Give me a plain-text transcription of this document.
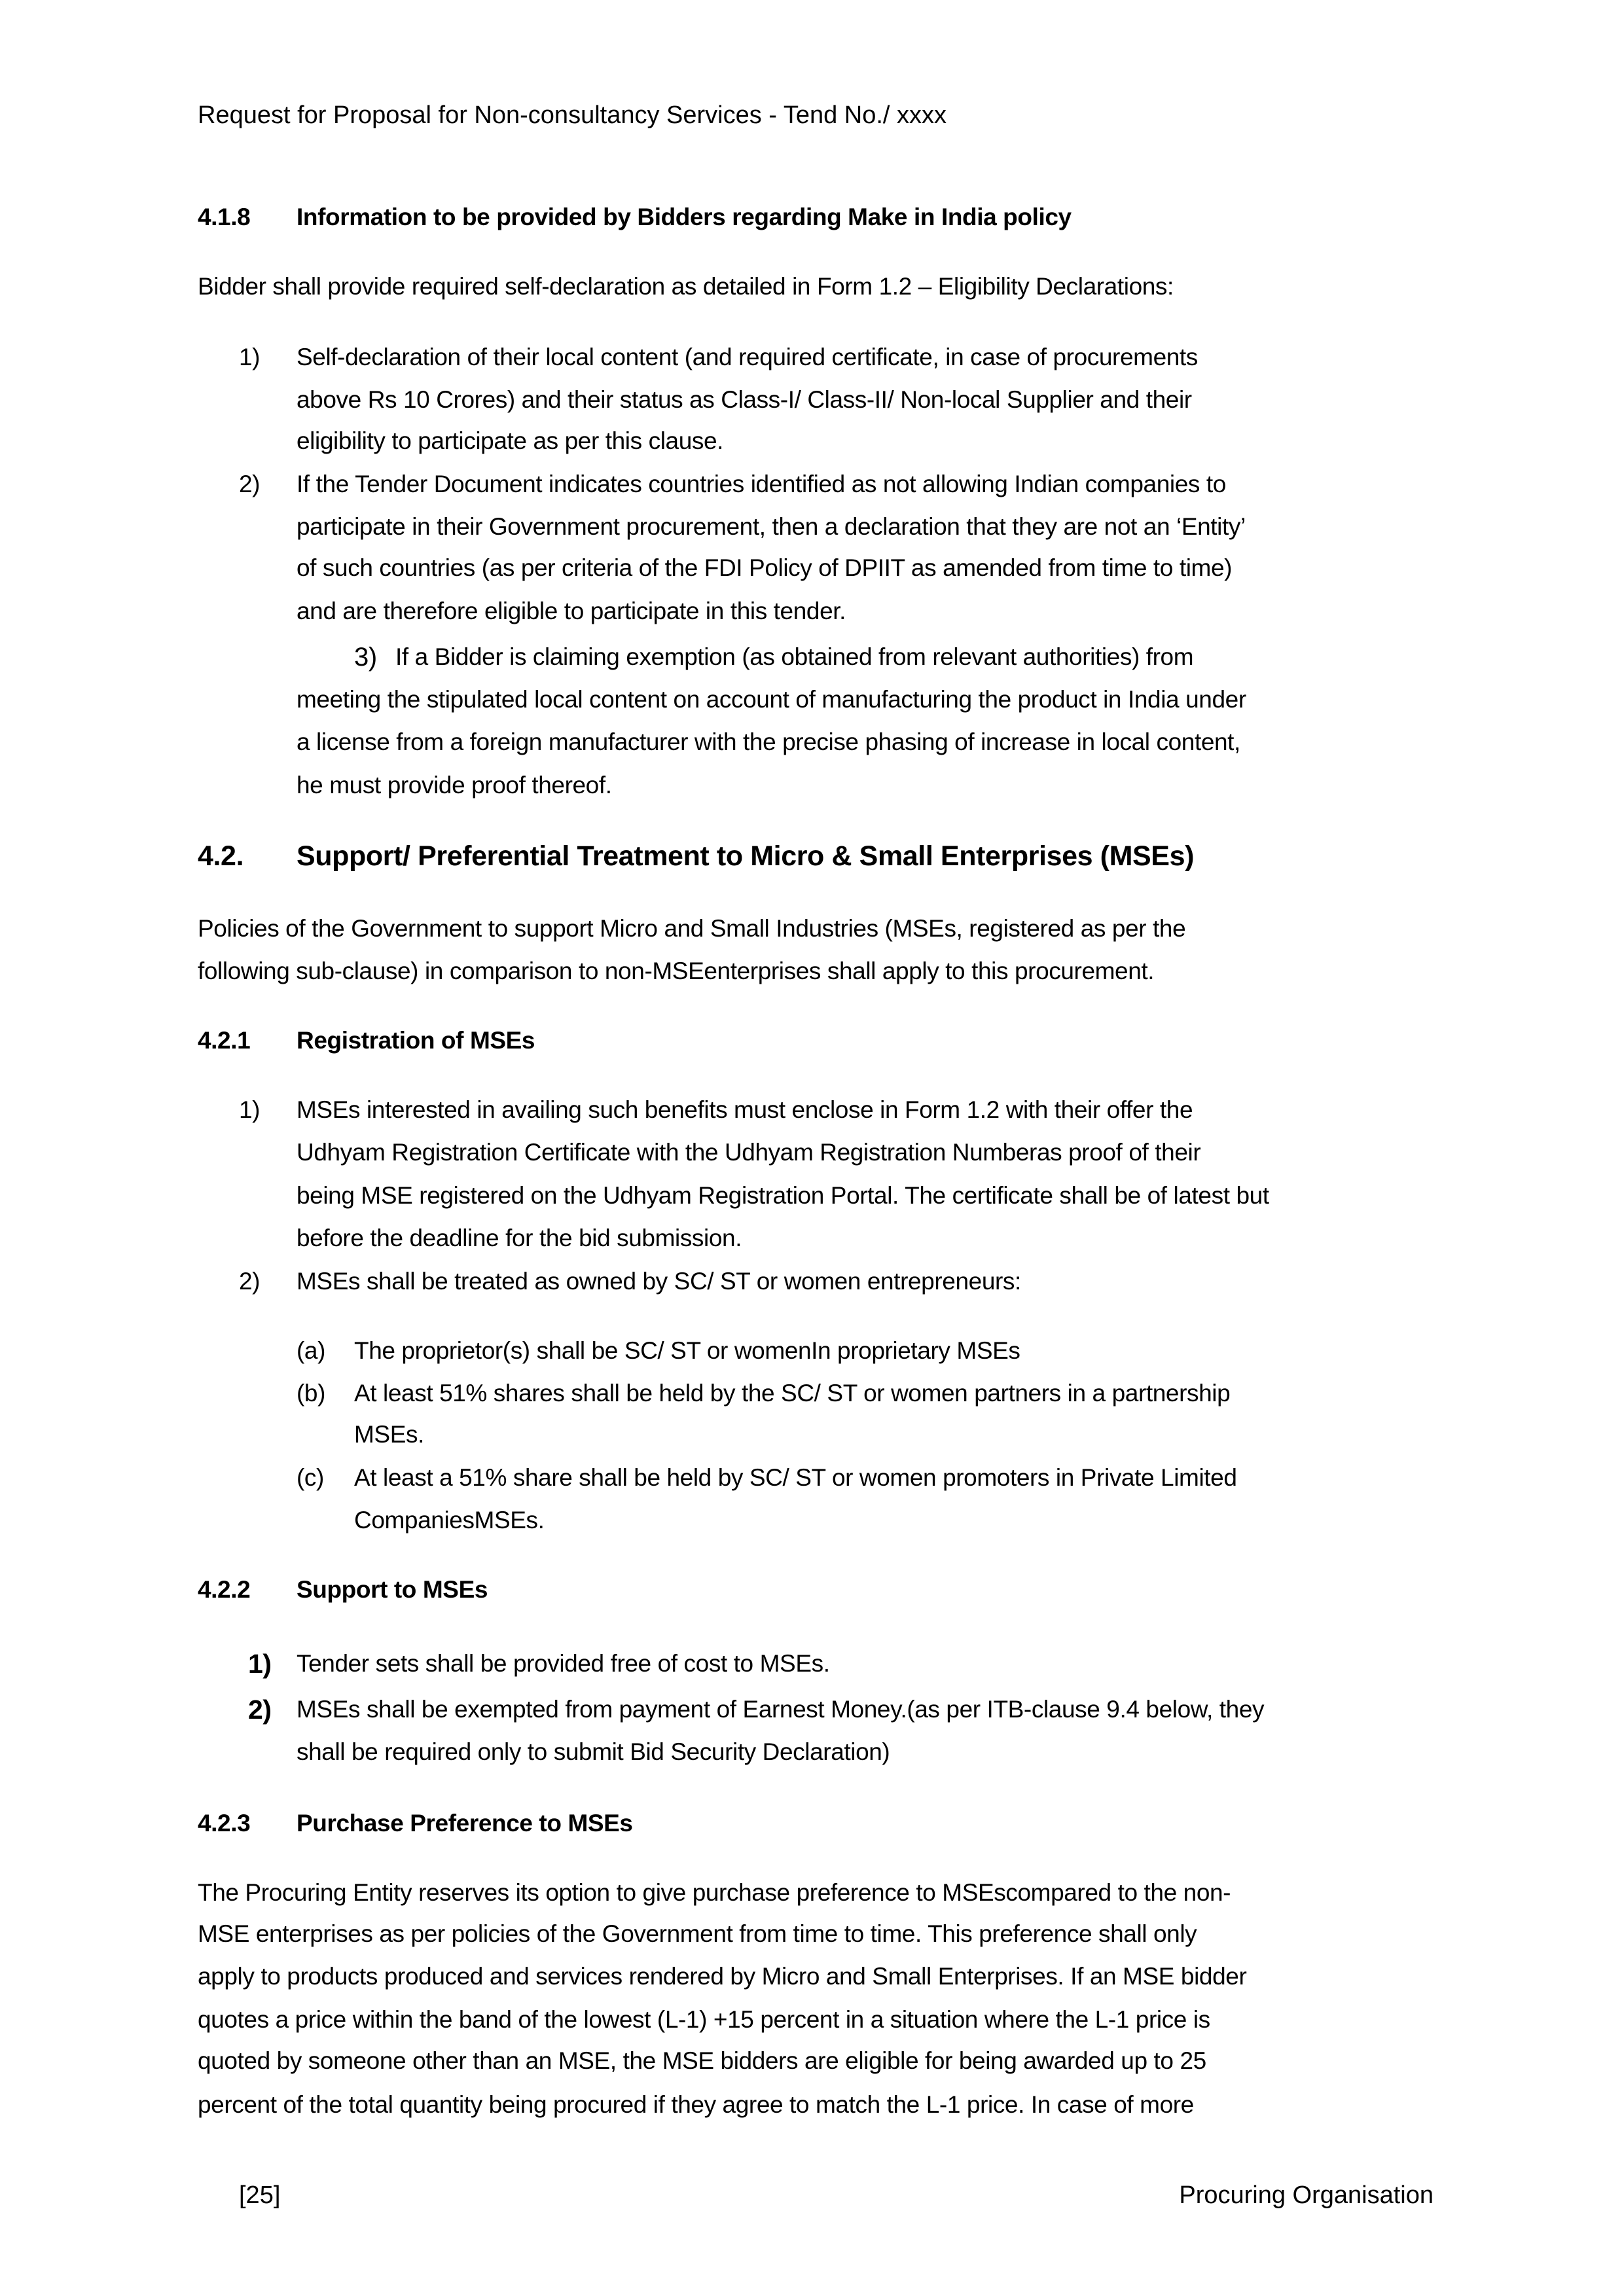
Request for Proposal for Non-consultancy Services - Tend No./ xxxx
4.1.8 Information to be provided by Bidders regarding Make in India policy
Bidder shall provide required self-declaration as detailed in Form 1.2 – Eligibility Declarations:
1) Self-declaration of their local content (and required certificate, in case of procurements
above Rs 10 Crores) and their status as Class-I/ Class-II/ Non-local Supplier and their
eligibility to participate as per this clause.
2) If the Tender Document indicates countries identified as not allowing Indian companies to
participate in their Government procurement, then a declaration that they are not an ‘Entity’
of such countries (as per criteria of the FDI Policy of DPIIT as amended from time to time)
and are therefore eligible to participate in this tender.
3) If a Bidder is claiming exemption (as obtained from relevant authorities) from
meeting the stipulated local content on account of manufacturing the product in India under
a license from a foreign manufacturer with the precise phasing of increase in local content,
he must provide proof thereof.
4.2. Support/ Preferential Treatment to Micro & Small Enterprises (MSEs)
Policies of the Government to support Micro and Small Industries (MSEs, registered as per the
following sub-clause) in comparison to non-MSEenterprises shall apply to this procurement.
4.2.1 Registration of MSEs
1) MSEs interested in availing such benefits must enclose in Form 1.2 with their offer the
Udhyam Registration Certificate with the Udhyam Registration Numberas proof of their
being MSE registered on the Udhyam Registration Portal. The certificate shall be of latest but
before the deadline for the bid submission.
2) MSEs shall be treated as owned by SC/ ST or women entrepreneurs:
(a) The proprietor(s) shall be SC/ ST or womenIn proprietary MSEs
(b) At least 51% shares shall be held by the SC/ ST or women partners in a partnership
MSEs.
(c) At least a 51% share shall be held by SC/ ST or women promoters in Private Limited
CompaniesMSEs.
4.2.2 Support to MSEs
1) Tender sets shall be provided free of cost to MSEs.
2) MSEs shall be exempted from payment of Earnest Money.(as per ITB-clause 9.4 below, they
shall be required only to submit Bid Security Declaration)
4.2.3 Purchase Preference to MSEs
The Procuring Entity reserves its option to give purchase preference to MSEscompared to the non-
MSE enterprises as per policies of the Government from time to time. This preference shall only
apply to products produced and services rendered by Micro and Small Enterprises. If an MSE bidder
quotes a price within the band of the lowest (L-1) +15 percent in a situation where the L-1 price is
quoted by someone other than an MSE, the MSE bidders are eligible for being awarded up to 25
percent of the total quantity being procured if they agree to match the L-1 price. In case of more
[25]	Procuring Organisation
